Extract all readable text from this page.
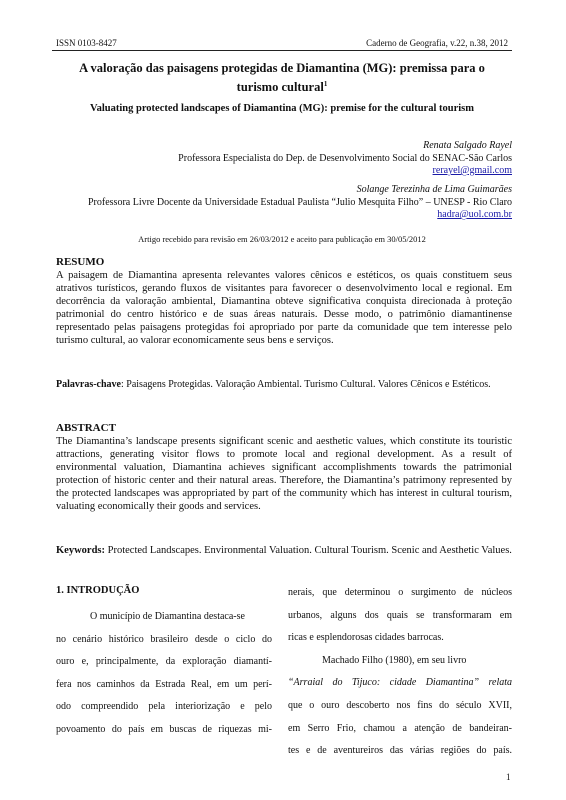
ISSN 0103-8427	Caderno de Geografia, v.22, n.38, 2012
A valoração das paisagens protegidas de Diamantina (MG): premissa para o
turismo cultural$^1$
Valuating protected landscapes of Diamantina (MG): premise for the cultural tourism
Renata Salgado Rayel
Professora Especialista do Dep. de Desenvolvimento Social do SENAC-São Carlos
rerayel@gmail.com
Solange Terezinha de Lima Guimarães
Professora Livre Docente da Universidade Estadual Paulista “Julio Mesquita Filho” – UNESP - Rio Claro
hadra@uol.com.br
Artigo recebido para revisão em 26/03/2012 e aceito para publicação em 30/05/2012
RESUMO
A paisagem de Diamantina apresenta relevantes valores cênicos e estéticos, os quais constituem seus atrativos turísticos, gerando fluxos de visitantes para favorecer o desenvolvimento local e regional. Em decorrência da valoração ambiental, Diamantina obteve significativa conquista direcionada à proteção patrimonial do centro histórico e de suas áreas naturais. Desse modo, o patrimônio diamantinense representado pelas paisagens protegidas foi apropriado por parte da comunidade que tem interesse pelo turismo cultural, ao valorar economicamente seus bens e serviços.
Palavras-chave: Paisagens Protegidas. Valoração Ambiental. Turismo Cultural. Valores Cênicos e Estéticos.
ABSTRACT
The Diamantina’s landscape presents significant scenic and aesthetic values, which constitute its touristic attractions, generating visitor flows to promote local and regional development. As a result of environmental valuation, Diamantina achieves significant accomplishments towards the patrimonial protection of historic center and their natural areas. Therefore, the Diamantina’s patrimony represented by the protected landscapes was appropriated by part of the community which has interest in cultural tourism, valuating economically their goods and services.
Keywords: Protected Landscapes. Environmental Valuation. Cultural Tourism. Scenic and Aesthetic Values.
1. INTRODUÇÃO
O município de Diamantina destaca-se
no cenário histórico brasileiro desde o ciclo do
ouro e, principalmente, da exploração diamantí-
fera nos caminhos da Estrada Real, em um perí-
odo compreendido pela interiorização e pelo
povoamento do país em buscas de riquezas mi-
nerais, que determinou o surgimento de núcleos
urbanos, alguns dos quais se transformaram em
ricas e esplendorosas cidades barrocas.
Machado Filho (1980), em seu livro
“Arraial do Tijuco: cidade Diamantina” relata
que o ouro descoberto nos fins do século XVII,
em Serro Frio, chamou a atenção de bandeiran-
tes e de aventureiros das várias regiões do país.
1
